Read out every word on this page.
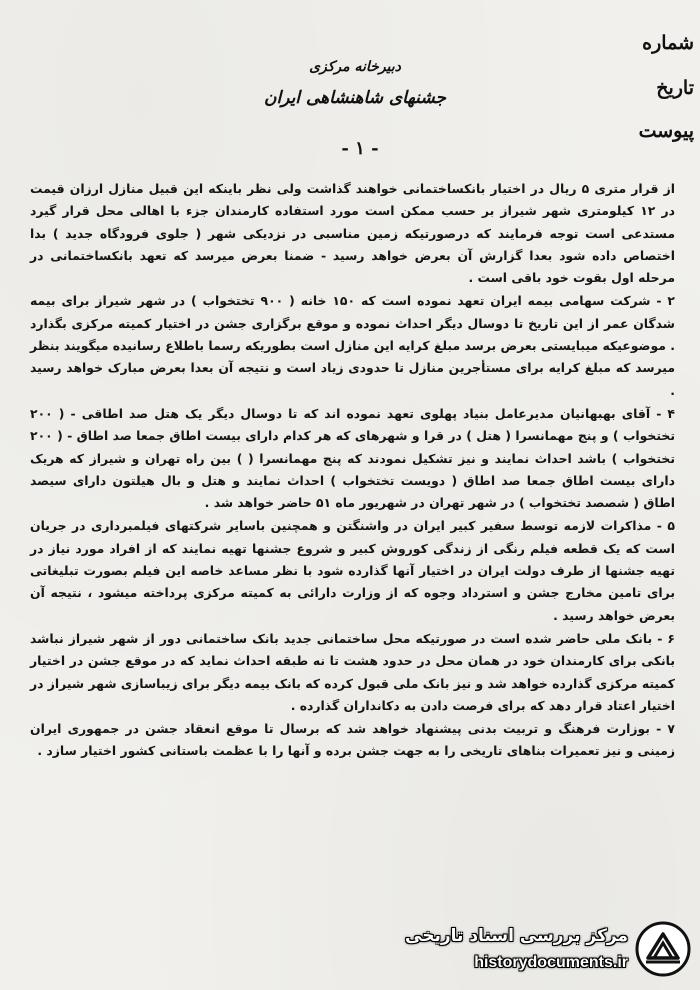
شماره
تاریخ
پیوست
دبیرخانه مرکزی
جشنهای شاهنشاهی ایران
- ۱ -

از قرار متری ۵ ریال در اختیار بانکساختمانی خواهند گذاشت ولی نظر باینکه این قبیل منازل ارزان قیمت در ۱۲ کیلومتری شهر شیراز بر حسب ممکن است مورد استفاده کارمندان جزء با اهالی محل قرار گیرد مستدعی است توجه فرمایند که درصورتیکه زمین مناسبی در نزدیکی شهر ( جلوی فرودگاه جدید ) بدا اختصاص داده شود بعدا گزارش آن بعرض خواهد رسید - ضمنا بعرض میرسد که تعهد بانکساختمانی در مرحله اول بقوت خود باقی است .

۲ - شرکت سهامی بیمه ایران تعهد نموده است که ۱۵۰ خانه ( ۹۰۰ تختخواب ) در شهر شیراز برای بیمه شدگان عمر از این تاریخ تا دوسال دیگر احداث نموده و موقع برگزاری جشن در اختیار کمیته مرکزی بگذارد . موضوعیکه میبایستی بعرض برسد مبلغ کرایه این منازل است بطوریکه رسما باطلاع رسانیده میگویند بنظر میرسد که مبلغ کرایه برای مستأجرین منازل تا حدودی زیاد است و نتیجه آن بعدا بعرض مبارک خواهد رسید .

۴ - آقای بهبهانیان مدیرعامل بنیاد پهلوی تعهد نموده اند که تا دوسال دیگر یک هتل صد اطاقی - ( ۲۰۰ تختخواب ) و پنج مهمانسرا ( هتل ) در قرا و شهرهای که هر کدام دارای بیست اطاق جمعا صد اطاق - ( ۲۰۰ تختخواب ) باشد احداث نمایند و نیز تشکیل نمودند که پنج مهمانسرا ( ) بین راه تهران و شیراز که هریک دارای بیست اطاق جمعا صد اطاق ( دویست تختخواب ) احداث نمایند و هتل و بال هیلتون دارای سیصد اطاق ( شصصد تختخواب ) در شهر تهران در شهریور ماه ۵۱ حاضر خواهد شد .

۵ - مذاکرات لازمه توسط سفیر کبیر ایران در واشنگتن و همچنین باسایر شرکتهای فیلمبرداری در جریان است که یک قطعه فیلم رنگی از زندگی کوروش کبیر و شروع جشنها تهیه نمایند که از افراد مورد نیاز در تهیه جشنها از طرف دولت ایران در اختیار آنها گذارده شود با نظر مساعد خاصه این فیلم بصورت تبلیغاتی برای تامین مخارج جشن و استرداد وجوه که از وزارت دارائی به کمیته مرکزی پرداخته میشود ، نتیجه آن بعرض خواهد رسید .

۶ - بانک ملی حاضر شده است در صورتیکه محل ساختمانی جدید بانک ساختمانی دور از شهر شیراز نباشد بانکی برای کارمندان خود در همان محل در حدود هشت تا نه طبقه احداث نماید که در موقع جشن در اختیار کمیته مرکزی گذارده خواهد شد و نیز بانک ملی قبول کرده که بانک بیمه دیگر برای زیباسازی شهر شیراز در اختیار اعتاد قرار دهد که برای فرصت دادن به دکانداران گذارده .

۷ - بوزارت فرهنگ و تربیت بدنی پیشنهاد خواهد شد که برسال تا موقع انعقاد جشن در جمهوری ایران زمینی و نیز تعمیرات بناهای تاریخی را به جهت جشن برده و آنها را با عظمت باستانی کشور اختیار سازد .

مرکز بررسی اسناد تاریخی
historydocuments.ir
